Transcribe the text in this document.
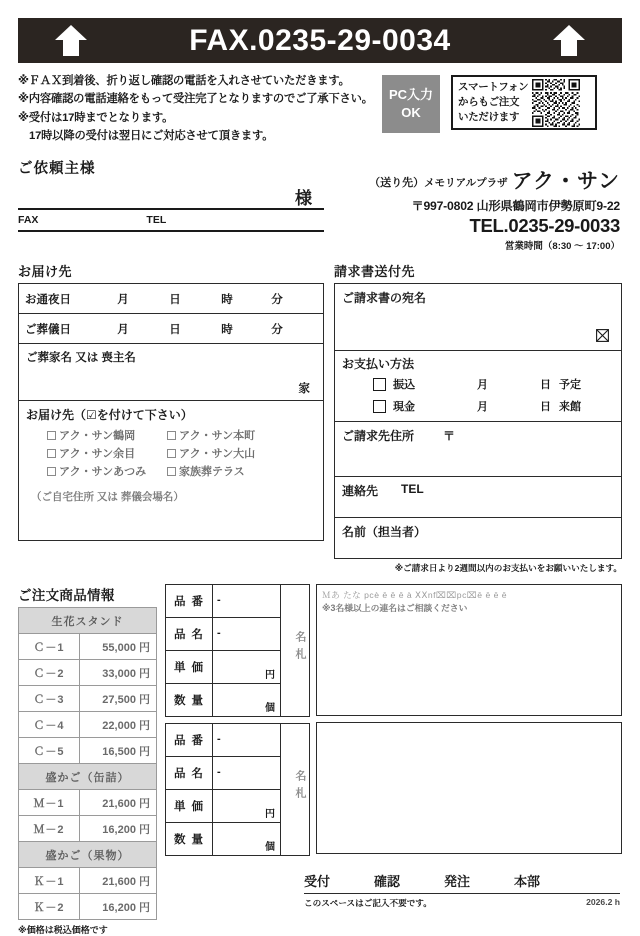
FAX.0235-29-0034
※ＦＡＸ到着後、折り返し確認の電話を入れさせていただきます。
※内容確認の電話連絡をもって受注完了となりますのでご了承下さい。
※受付は17時までとなります。
17時以降の受付は翌日にご対応させて頂きます。
PC入力
OK
スマートフォン
からもご注文
いただけます
ご依頼主様
様
FAX	TEL
（送り先）メモリアルプラザ アク・サン
〒997-0802 山形県鶴岡市伊勢原町9-22
TEL.0235-29-0033
営業時間（8:30 ～ 17:00）
お届け先
お通夜日	月	日	時	分

ご葬儀日	月	日	時	分

ご葬家名 又は 喪主名
家

お届け先（☑を付けて下さい）
アク・サン鶴岡	アク・サン本町
アク・サン余目	アク・サン大山
アク・サンあつみ	家族葬テラス
（ご自宅住所 又は 葬儀会場名）
請求書送付先
ご請求書の宛名

お支払い方法
振込	月	日 予定
現金	月	日 来館

ご請求先住所 〒

連絡先 TEL

名前（担当者）
※ご請求日より2週間以内のお支払いをお願いいたします。
ご注文商品情報
生花スタンド	
Ｃ－1	55,000 円
Ｃ－2	33,000 円
Ｃ－3	27,500 円
Ｃ－4	22,000 円
Ｃ－5	16,500 円
盛かご（缶詰）	
Ｍ－1	21,600 円
Ｍ－2	16,200 円
盛かご（果物）	
Ｋ－1	21,600 円
Ｋ－2	16,200 円
※価格は税込価格です
品番	-	名札
品名	-	

単価	円	

数量	個	
品番	-	名札
品名	-	

単価	円	

数量	個	
Ｍあ たな pcè ē ē ē à ⅩⅩnf⌧⌧pc⌧ē ē ē ē
※3名様以上の連名はご相談ください
受付	確認	発注	本部
このスペースはご記入不要です。	2026.2 h
